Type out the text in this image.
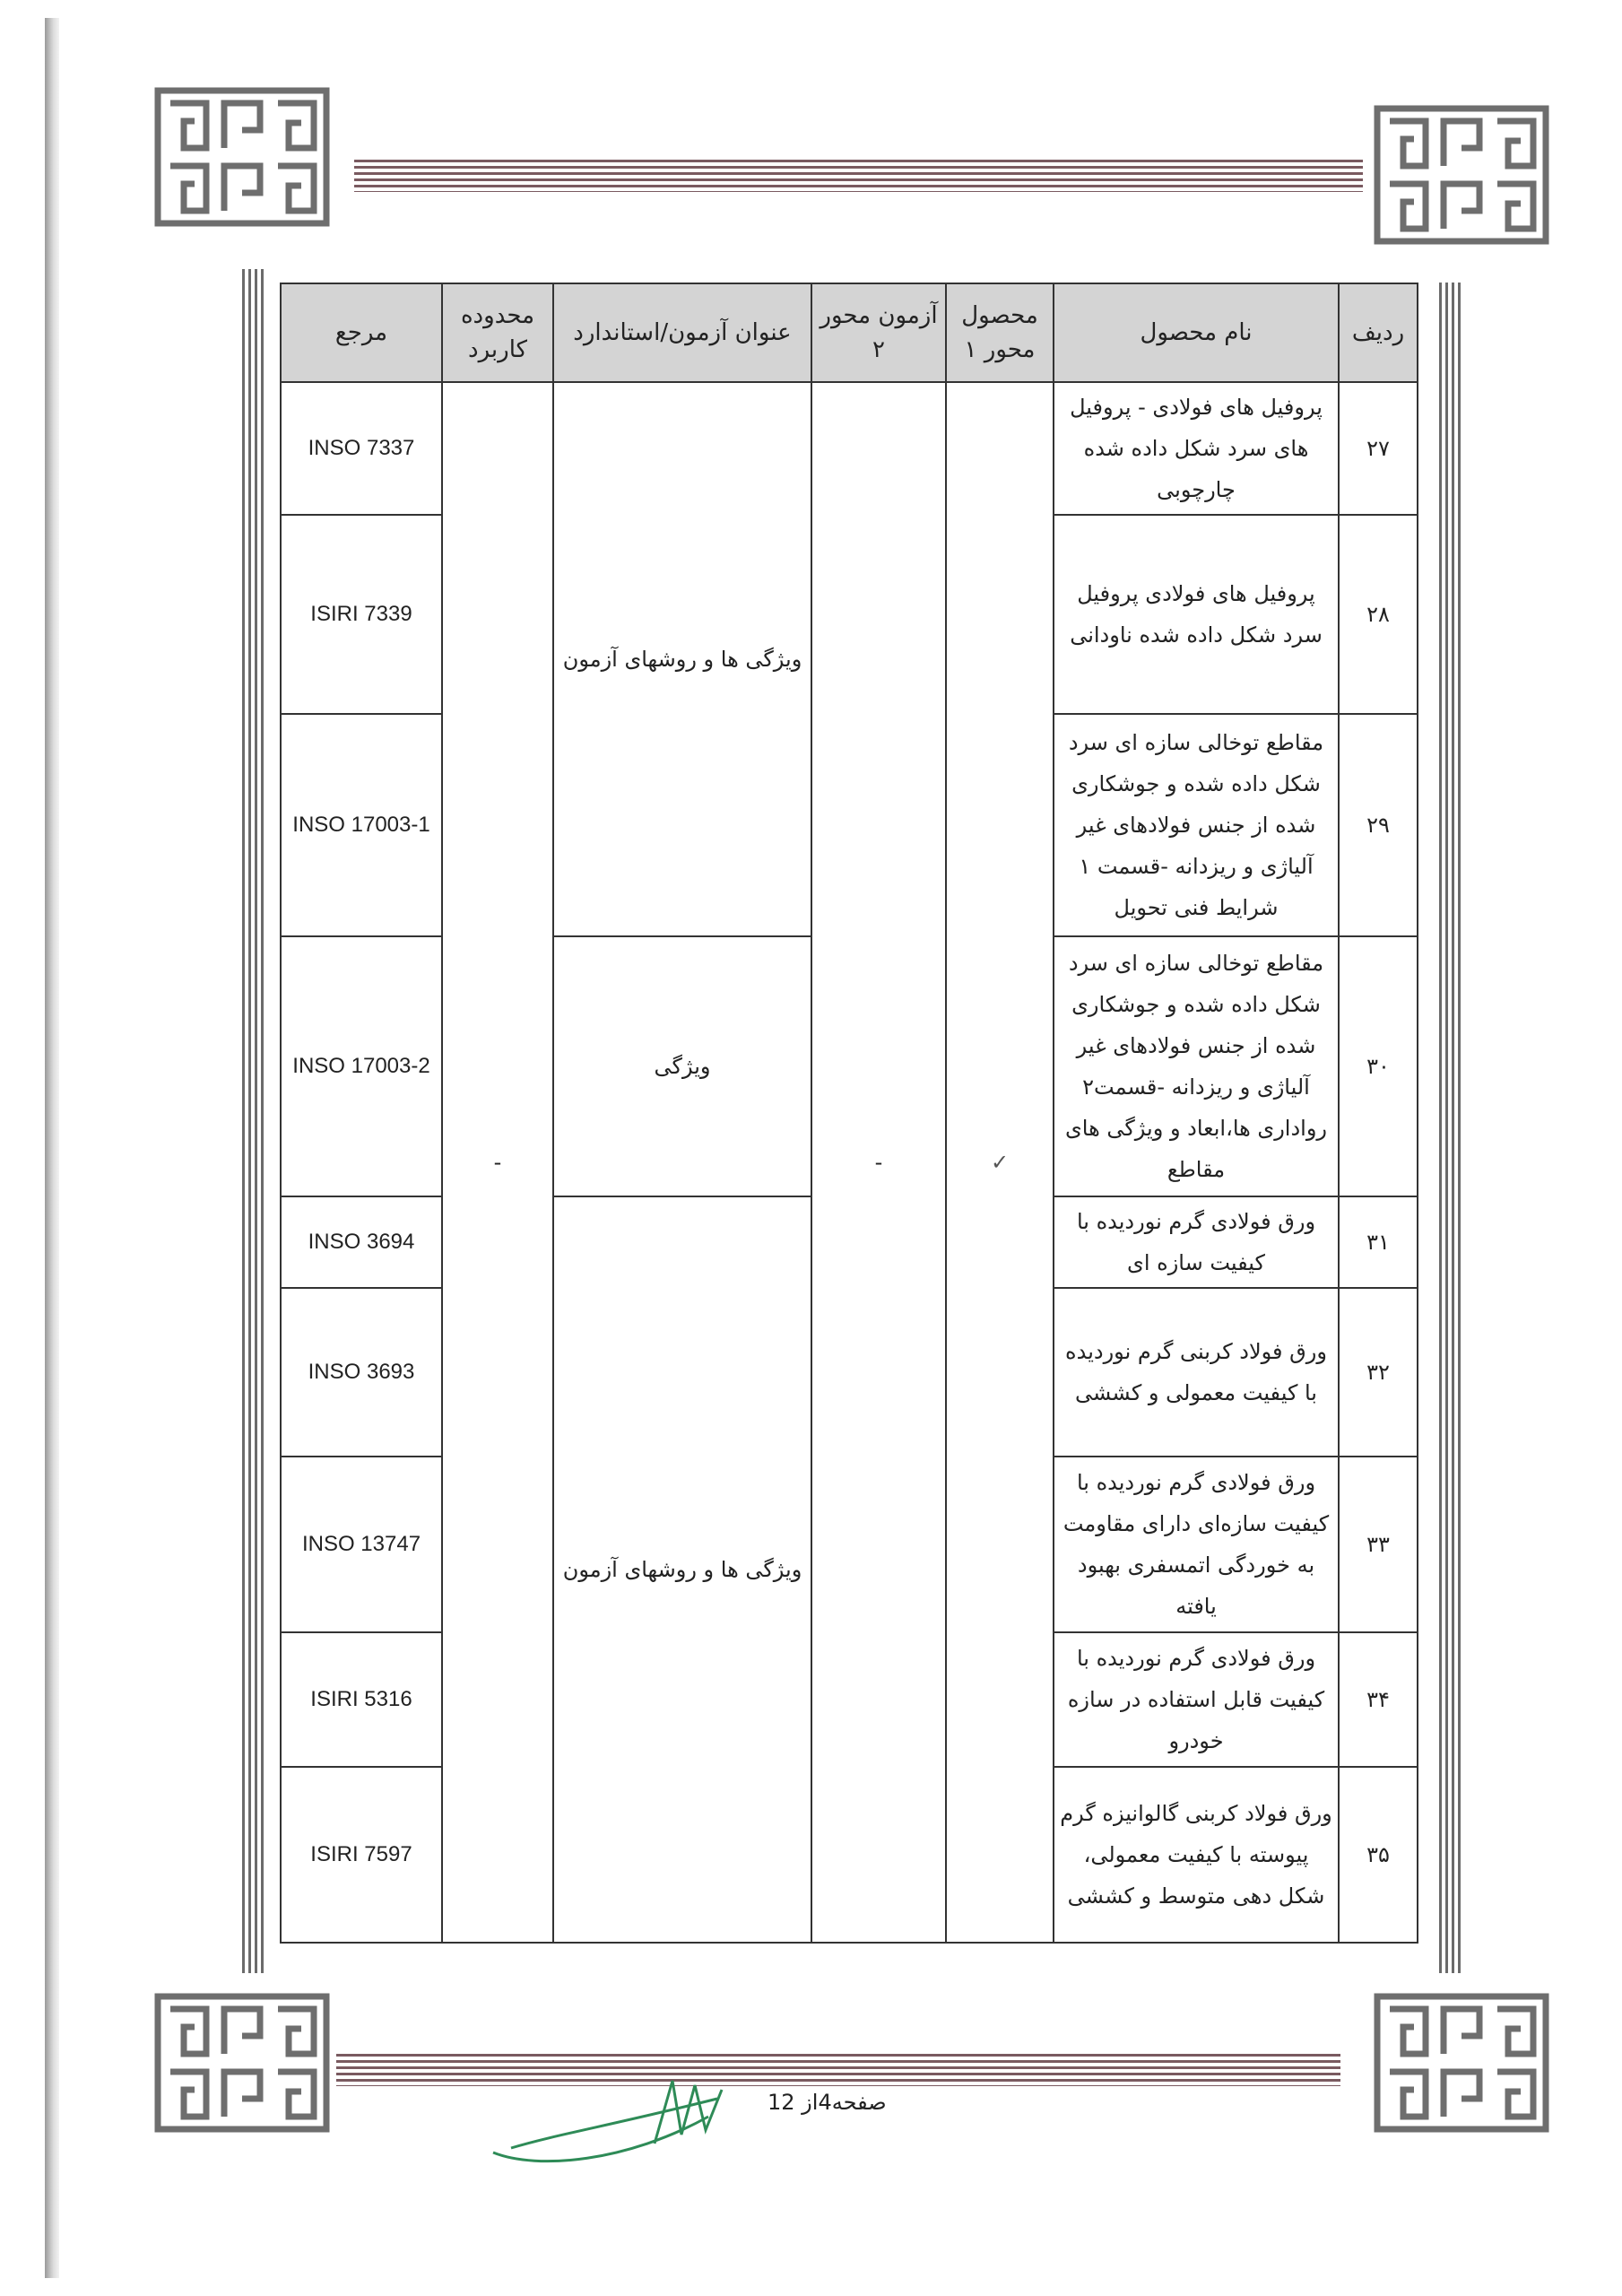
ردیف	نام محصول	محصول محور ۱	آزمون محور ۲	عنوان آزمون/استاندارد	محدوده کاربرد	مرجع
۲۷	پروفیل های فولادی - پروفیل های سرد شکل داده شده چارچوبی	✓	-	ویژگی ها و روشهای آزمون	-	INSO 7337
۲۸	پروفیل های فولادی پروفیل سرد شکل داده شده ناودانی					ISIRI 7339
۲۹	مقاطع توخالی سازه ای سرد شکل داده شده و جوشکاری شده از جنس فولادهای غیر آلیاژی و ریزدانه -قسمت ۱ شرایط فنی تحویل					INSO 17003-1
۳۰	مقاطع توخالی سازه ای سرد شکل داده شده و جوشکاری شده از جنس فولادهای غیر آلیاژی و ریزدانه -قسمت۲ رواداری ها،ابعاد و ویژگی های مقاطع			ویژگی		INSO 17003-2
۳۱	ورق فولادی گرم نوردیده با کیفیت سازه ای			ویژگی ها و روشهای آزمون		INSO 3694
۳۲	ورق فولاد کربنی گرم نوردیده با کیفیت معمولی و کششی					INSO 3693
۳۳	ورق فولادی گرم نوردیده با کیفیت سازه‌ای دارای مقاومت به خوردگی اتمسفری بهبود یافته					INSO 13747
۳۴	ورق فولادی گرم نوردیده با کیفیت قابل استفاده در سازه خودرو					ISIRI 5316
۳۵	ورق فولاد کربنی گالوانیزه گرم پیوسته با کیفیت معمولی، شکل دهی متوسط و کششی					ISIRI 7597
صفحه4از 12
